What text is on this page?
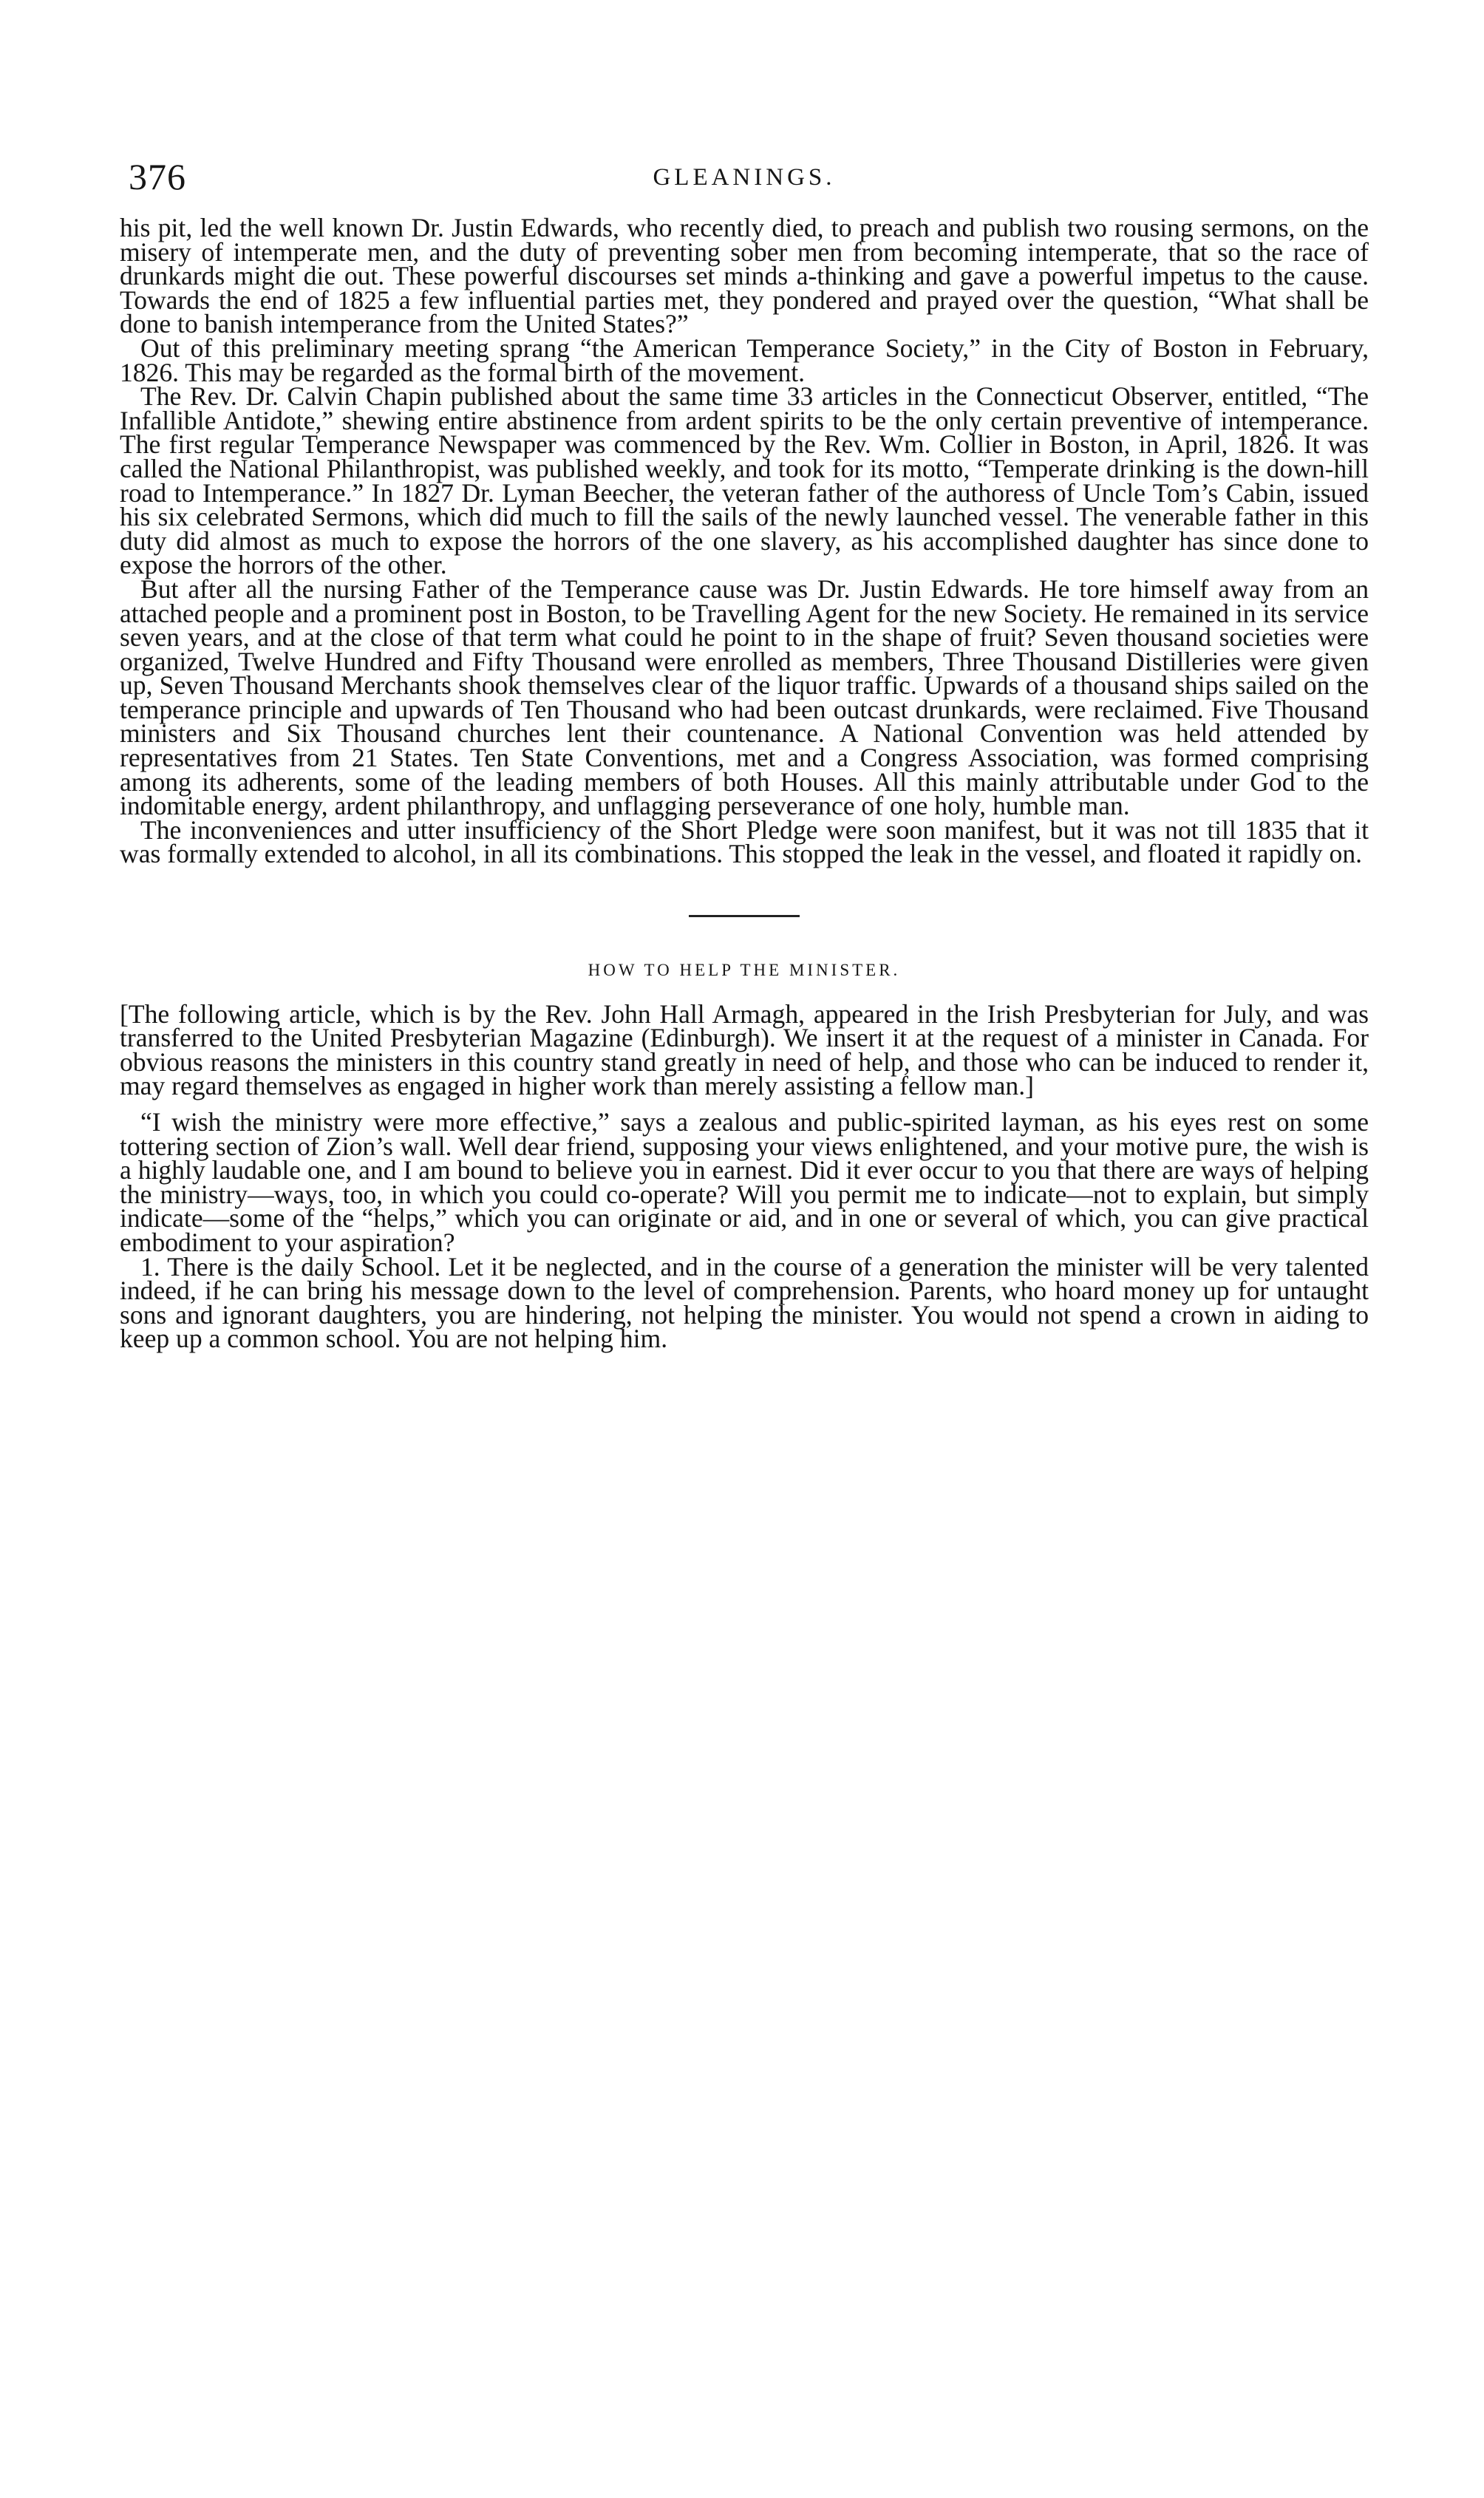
376	GLEANINGS.

his pit, led the well known Dr. Justin Edwards, who recently died, to preach and publish two rousing sermons, on the misery of intemperate men, and the duty of preventing sober men from becoming intemperate, that so the race of drunkards might die out. These powerful discourses set minds a-thinking and gave a powerful impetus to the cause. Towards the end of 1825 a few influential parties met, they pondered and prayed over the question, “What shall be done to banish intemperance from the United States?”

Out of this preliminary meeting sprang “the American Temperance Society,” in the City of Boston in February, 1826. This may be regarded as the formal birth of the movement.

The Rev. Dr. Calvin Chapin published about the same time 33 articles in the Connecticut Observer, entitled, “The Infallible Antidote,” shewing entire abstinence from ardent spirits to be the only certain preventive of intemperance. The first regular Temperance Newspaper was commenced by the Rev. Wm. Collier in Boston, in April, 1826. It was called the National Philanthropist, was published weekly, and took for its motto, “Temperate drinking is the down-hill road to Intemperance.” In 1827 Dr. Lyman Beecher, the veteran father of the authoress of Uncle Tom’s Cabin, issued his six celebrated Sermons, which did much to fill the sails of the newly launched vessel. The venerable father in this duty did almost as much to expose the horrors of the one slavery, as his accomplished daughter has since done to expose the horrors of the other.

But after all the nursing Father of the Temperance cause was Dr. Justin Edwards. He tore himself away from an attached people and a prominent post in Boston, to be Travelling Agent for the new Society. He remained in its service seven years, and at the close of that term what could he point to in the shape of fruit? Seven thousand societies were organized, Twelve Hundred and Fifty Thousand were enrolled as members, Three Thousand Distilleries were given up, Seven Thousand Merchants shook themselves clear of the liquor traffic. Upwards of a thousand ships sailed on the temperance principle and upwards of Ten Thousand who had been outcast drunkards, were reclaimed. Five Thousand ministers and Six Thousand churches lent their countenance. A National Convention was held attended by representatives from 21 States. Ten State Conventions, met and a Congress Association, was formed comprising among its adherents, some of the leading members of both Houses. All this mainly attributable under God to the indomitable energy, ardent philanthropy, and unflagging perseverance of one holy, humble man.

The inconveniences and utter insufficiency of the Short Pledge were soon manifest, but it was not till 1835 that it was formally extended to alcohol, in all its combinations. This stopped the leak in the vessel, and floated it rapidly on.

HOW TO HELP THE MINISTER.

[The following article, which is by the Rev. John Hall Armagh, appeared in the Irish Presbyterian for July, and was transferred to the United Presbyterian Magazine (Edinburgh). We insert it at the request of a minister in Canada. For obvious reasons the ministers in this country stand greatly in need of help, and those who can be induced to render it, may regard themselves as engaged in higher work than merely assisting a fellow man.]

“I wish the ministry were more effective,” says a zealous and public-spirited layman, as his eyes rest on some tottering section of Zion’s wall. Well dear friend, supposing your views enlightened, and your motive pure, the wish is a highly laudable one, and I am bound to believe you in earnest. Did it ever occur to you that there are ways of helping the ministry—ways, too, in which you could co-operate? Will you permit me to indicate—not to explain, but simply indicate—some of the “helps,” which you can originate or aid, and in one or several of which, you can give practical embodiment to your aspiration?

1. There is the daily School. Let it be neglected, and in the course of a generation the minister will be very talented indeed, if he can bring his message down to the level of comprehension. Parents, who hoard money up for untaught sons and ignorant daughters, you are hindering, not helping the minister. You would not spend a crown in aiding to keep up a common school. You are not helping him.
